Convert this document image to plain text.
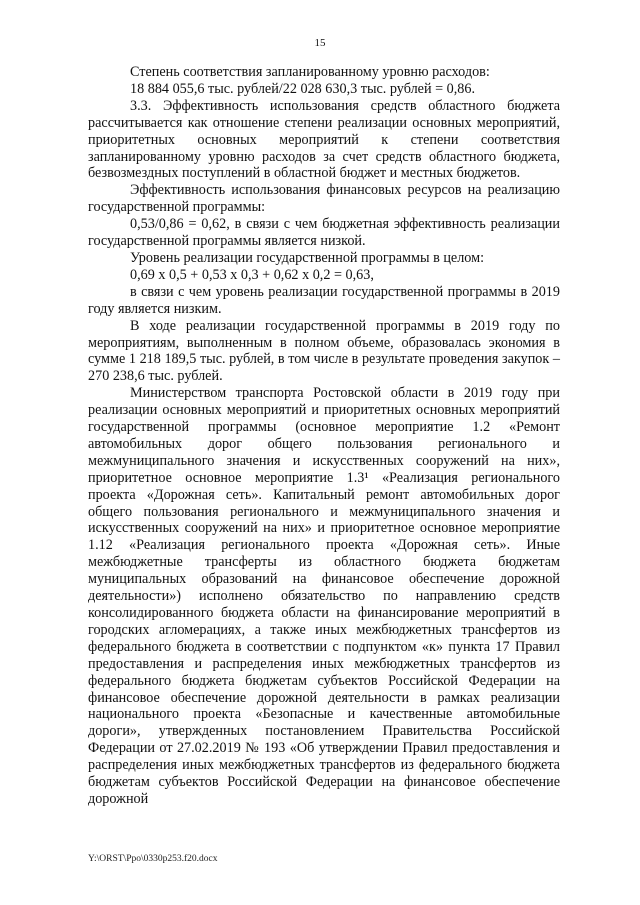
15

Степень соответствия запланированному уровню расходов:

18 884 055,6 тыс. рублей/22 028 630,3 тыс. рублей = 0,86.

3.3. Эффективность использования средств областного бюджета рассчитывается как отношение степени реализации основных мероприятий, приоритетных основных мероприятий к степени соответствия запланированному уровню расходов за счет средств областного бюджета, безвозмездных поступлений в областной бюджет и местных бюджетов.

Эффективность использования финансовых ресурсов на реализацию государственной программы:

0,53/0,86 = 0,62, в связи с чем бюджетная эффективность реализации государственной программы является низкой.

Уровень реализации государственной программы в целом:

0,69 х 0,5 + 0,53 х 0,3 + 0,62 х 0,2 = 0,63,

в связи с чем уровень реализации государственной программы в 2019 году является низким.

В ходе реализации государственной программы в 2019 году по мероприятиям, выполненным в полном объеме, образовалась экономия в сумме 1 218 189,5 тыс. рублей, в том числе в результате проведения закупок – 270 238,6 тыс. рублей.

Министерством транспорта Ростовской области в 2019 году при реализации основных мероприятий и приоритетных основных мероприятий государственной программы (основное мероприятие 1.2 «Ремонт автомобильных дорог общего пользования регионального и межмуниципального значения и искусственных сооружений на них», приоритетное основное мероприятие 1.3¹ «Реализация регионального проекта «Дорожная сеть». Капитальный ремонт автомобильных дорог общего пользования регионального и межмуниципального значения и искусственных сооружений на них» и приоритетное основное мероприятие 1.12 «Реализация регионального проекта «Дорожная сеть». Иные межбюджетные трансферты из областного бюджета бюджетам муниципальных образований на финансовое обеспечение дорожной деятельности») исполнено обязательство по направлению средств консолидированного бюджета области на финансирование мероприятий в городских агломерациях, а также иных межбюджетных трансфертов из федерального бюджета в соответствии с подпунктом «к» пункта 17 Правил предоставления и распределения иных межбюджетных трансфертов из федерального бюджета бюджетам субъектов Российской Федерации на финансовое обеспечение дорожной деятельности в рамках реализации национального проекта «Безопасные и качественные автомобильные дороги», утвержденных постановлением Правительства Российской Федерации от 27.02.2019 № 193 «Об утверждении Правил предоставления и распределения иных межбюджетных трансфертов из федерального бюджета бюджетам субъектов Российской Федерации на финансовое обеспечение дорожной

Y:\ORST\Ppo\0330p253.f20.docx
